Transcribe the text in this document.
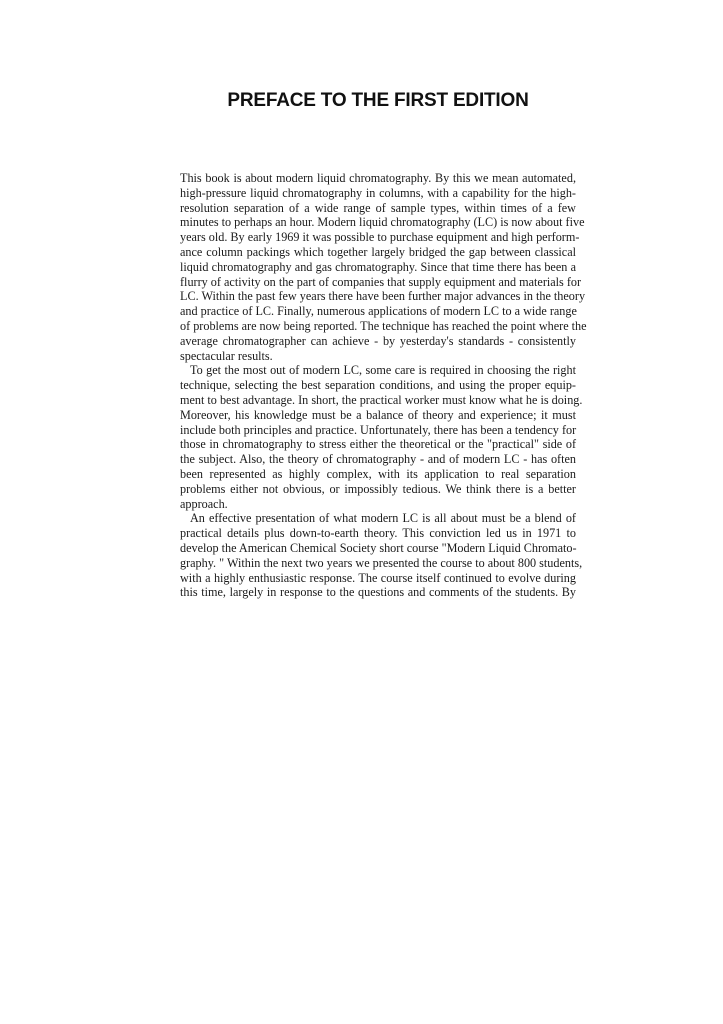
PREFACE TO THE FIRST EDITION
This book is about modern liquid chromatography. By this we mean automated,
high-pressure liquid chromatography in columns, with a capability for the high-
resolution separation of a wide range of sample types, within times of a few
minutes to perhaps an hour. Modern liquid chromatography (LC) is now about five
years old. By early 1969 it was possible to purchase equipment and high perform-
ance column packings which together largely bridged the gap between classical
liquid chromatography and gas chromatography. Since that time there has been a
flurry of activity on the part of companies that supply equipment and materials for
LC. Within the past few years there have been further major advances in the theory
and practice of LC. Finally, numerous applications of modern LC to a wide range
of problems are now being reported. The technique has reached the point where the
average chromatographer can achieve - by yesterday's standards - consistently
spectacular results.
To get the most out of modern LC, some care is required in choosing the right
technique, selecting the best separation conditions, and using the proper equip-
ment to best advantage. In short, the practical worker must know what he is doing.
Moreover, his knowledge must be a balance of theory and experience; it must
include both principles and practice. Unfortunately, there has been a tendency for
those in chromatography to stress either the theoretical or the "practical" side of
the subject. Also, the theory of chromatography - and of modern LC - has often
been represented as highly complex, with its application to real separation
problems either not obvious, or impossibly tedious. We think there is a better
approach.
An effective presentation of what modern LC is all about must be a blend of
practical details plus down-to-earth theory. This conviction led us in 1971 to
develop the American Chemical Society short course "Modern Liquid Chromato-
graphy. " Within the next two years we presented the course to about 800 students,
with a highly enthusiastic response. The course itself continued to evolve during
this time, largely in response to the questions and comments of the students. By
